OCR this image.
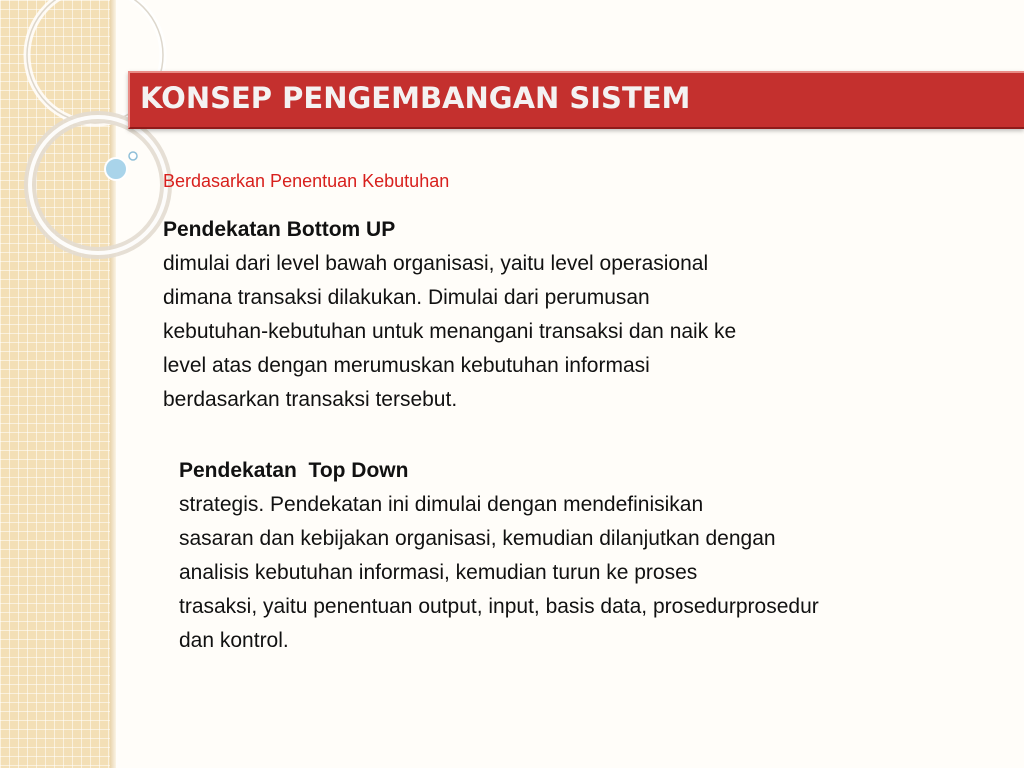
KONSEP PENGEMBANGAN SISTEM

Berdasarkan Penentuan Kebutuhan

Pendekatan Bottom UP

dimulai dari level bawah organisasi, yaitu level operasional

dimana transaksi dilakukan. Dimulai dari perumusan

kebutuhan-kebutuhan untuk menangani transaksi dan naik ke

level atas dengan merumuskan kebutuhan informasi

berdasarkan transaksi tersebut.

Pendekatan  Top Down

strategis. Pendekatan ini dimulai dengan mendefinisikan

sasaran dan kebijakan organisasi, kemudian dilanjutkan dengan

analisis kebutuhan informasi, kemudian turun ke proses

trasaksi, yaitu penentuan output, input, basis data, prosedurprosedur

dan kontrol.
